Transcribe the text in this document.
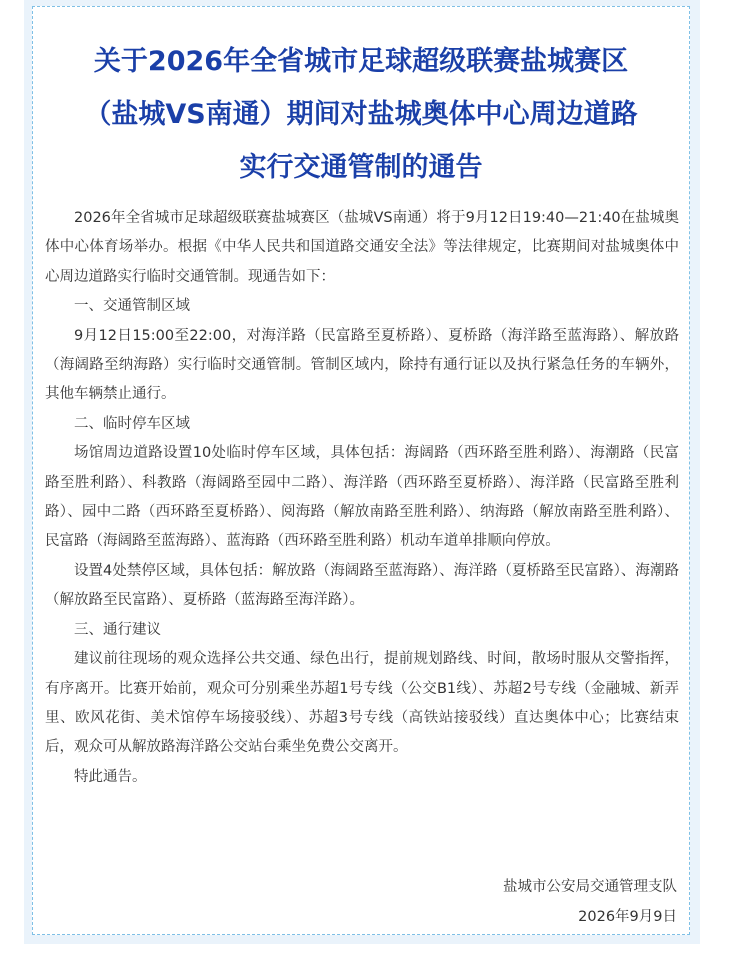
关于2026年全省城市足球超级联赛盐城赛区
（盐城VS南通）期间对盐城奥体中心周边道路
实行交通管制的通告

2026年全省城市足球超级联赛盐城赛区（盐城VS南通）将于9月12日19:40—21:40在盐城奥体中心体育场举办。根据《中华人民共和国道路交通安全法》等法律规定，比赛期间对盐城奥体中心周边道路实行临时交通管制。现通告如下：

一、交通管制区域

9月12日15:00至22:00，对海洋路（民富路至夏桥路）、夏桥路（海洋路至蓝海路）、解放路（海阔路至纳海路）实行临时交通管制。管制区域内，除持有通行证以及执行紧急任务的车辆外，其他车辆禁止通行。

二、临时停车区域

场馆周边道路设置10处临时停车区域，具体包括：海阔路（西环路至胜利路）、海潮路（民富路至胜利路）、科教路（海阔路至园中二路）、海洋路（西环路至夏桥路）、海洋路（民富路至胜利路）、园中二路（西环路至夏桥路）、阅海路（解放南路至胜利路）、纳海路（解放南路至胜利路）、民富路（海阔路至蓝海路）、蓝海路（西环路至胜利路）机动车道单排顺向停放。

设置4处禁停区域，具体包括：解放路（海阔路至蓝海路）、海洋路（夏桥路至民富路）、海潮路（解放路至民富路）、夏桥路（蓝海路至海洋路）。

三、通行建议

建议前往现场的观众选择公共交通、绿色出行，提前规划路线、时间，散场时服从交警指挥，有序离开。比赛开始前，观众可分别乘坐苏超1号专线（公交B1线）、苏超2号专线（金融城、新弄里、欧风花街、美术馆停车场接驳线）、苏超3号专线（高铁站接驳线）直达奥体中心；比赛结束后，观众可从解放路海洋路公交站台乘坐免费公交离开。

特此通告。

盐城市公安局交通管理支队
2026年9月9日
